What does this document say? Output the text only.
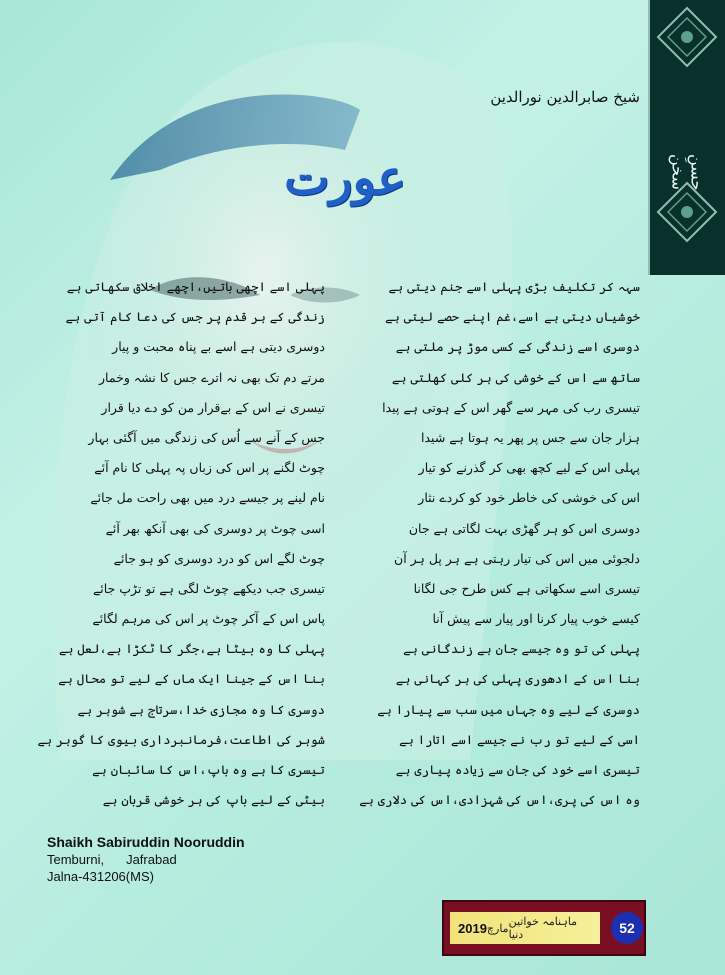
حسنِ سخن
شیخ صابرالدین نورالدین
عورت
سہہ کر تکلیف بڑی پہلی اسے جنم دیتی ہے
خوشیاں دیتی ہے اسے،غم اپنے حصے لیتی ہے
دوسری اسے زندگی کے کسی موڑ پر ملتی ہے
ساتھ سے اس کے خوشی کی ہر کلی کھلتی ہے
تیسری رب کی مہر سے گھر اس کے ہوتی ہے پیدا
ہزار جان سے جس پر پھر یہ ہوتا ہے شیدا
پہلی اس کے لیے کچھ بھی کر گذرنے کو تیار
اس کی خوشی کی خاطر خود کو کردے نثار
دوسری اس کو ہر گھڑی بہت لگاتی ہے جان
دلجوئی میں اس کی تیار رہتی ہے ہر پل ہر آن
تیسری اسے سکھاتی ہے کس طرح جی لگانا
کیسے خوب پیار کرنا اور پیار سے پیش آنا
پہلی کی تو وہ جیسے جان ہے زندگانی ہے
بنا اس کے ادھوری پہلی کی ہر کہانی ہے
دوسری کے لیے وہ جہاں میں سب سے پیارا ہے
اسی کے لیے تو رب نے جیسے اسے اتارا ہے
تیسری اسے خود کی جان سے زیادہ پیاری ہے
وہ اس کی پری،اس کی شہزادی،اس کی دلاری ہے
پہلی اسے اچھی باتیں،اچھے اخلاق سکھاتی ہے
زندگی کے ہر قدم پر جس کی دعا کام آتی ہے
دوسری دیتی ہے اسے بے پناہ محبت و پیار
مرتے دم تک بھی نہ اترے جس کا نشہ وخمار
تیسری نے اس کے بےقرار من کو دے دیا قرار
جس کے آنے سے اُس کی زندگی میں آگئی بہار
چوٹ لگنے پر اس کی زباں پہ پہلی کا نام آئے
نام لینے پر جیسے درد میں بھی راحت مل جائے
اسی چوٹ پر دوسری کی بھی آنکھ بھر آئے
چوٹ لگے اس کو درد دوسری کو ہو جائے
تیسری جب دیکھے چوٹ لگی ہے تو تڑپ جائے
پاس اس کے آکر چوٹ پر اس کی مرہم لگائے
پہلی کا وہ بیٹا ہے،جگر کا ٹکڑا ہے،لعل ہے
بنا اس کے جینا ایک ماں کے لیے تو محال ہے
دوسری کا وہ مجازی خدا،سرتاج ہے شوہر ہے
شوہر کی اطاعت،فرمانبرداری بیوی کا گوہر ہے
تیسری کا ہے وہ باپ،اس کا سائبان ہے
بیٹی کے لیے باپ کی ہر خوشی قربان ہے
Shaikh Sabiruddin Nooruddin
Temburni, Jafrabad
Jalna-431206(MS)
2019 مارچ ماہنامہ خواتین دنیا	52
